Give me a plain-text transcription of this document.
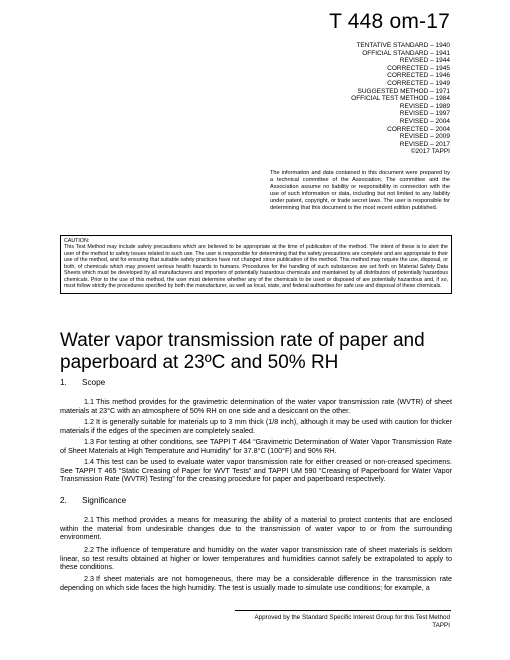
T 448 om-17
TENTATIVE STANDARD – 1940
OFFICIAL STANDARD – 1941
REVISED – 1944
CORRECTED – 1945
CORRECTED – 1946
CORRECTED – 1949
SUGGESTED METHOD – 1971
OFFICIAL TEST METHOD – 1984
REVISED – 1989
REVISED – 1997
REVISED – 2004
CORRECTED – 2004
REVISED – 2009
REVISED – 2017
©2017 TAPPI
The information and data contained in this document were prepared by a technical committee of the Association. The committee and the Association assume no liability or responsibility in connection with the use of such information or data, including but not limited to any liability under patent, copyright, or trade secret laws. The user is responsible for determining that this document is the most recent edition published.
CAUTION:
This Test Method may include safety precautions which are believed to be appropriate at the time of publication of the method. The intent of these is to alert the user of the method to safety issues related to such use. The user is responsible for determining that the safety precautions are complete and are appropriate to their use of the method, and for ensuring that suitable safety practices have not changed since publication of the method. This method may require the use, disposal, or both, of chemicals which may present serious health hazards to humans. Procedures for the handling of such substances are set forth on Material Safety Data Sheets which must be developed by all manufacturers and importers of potentially hazardous chemicals and maintained by all distributors of potentially hazardous chemicals. Prior to the use of this method, the user must determine whether any of the chemicals to be used or disposed of are potentially hazardous and, if so, must follow strictly the procedures specified by both the manufacturer, as well as local, state, and federal authorities for safe use and disposal of these chemicals.
Water vapor transmission rate of paper and paperboard at 23ºC and 50% RH
1. Scope
1.1 This method provides for the gravimetric determination of the water vapor transmission rate (WVTR) of sheet materials at 23°C with an atmosphere of 50% RH on one side and a desiccant on the other.
1.2 It is generally suitable for materials up to 3 mm thick (1/8 inch), although it may be used with caution for thicker materials if the edges of the specimen are completely sealed.
1.3 For testing at other conditions, see TAPPI T 464 “Gravimetric Determination of Water Vapor Transmission Rate of Sheet Materials at High Temperature and Humidity” for 37.8°C (100°F) and 90% RH.
1.4 This test can be used to evaluate water vapor transmission rate for either creased or non-creased specimens. See TAPPI T 465 “Static Creasing of Paper for WVT Tests” and TAPPI UM 590 “Creasing of Paperboard for Water Vapor Transmission Rate (WVTR) Testing” for the creasing procedure for paper and paperboard respectively.
2. Significance
2.1 This method provides a means for measuring the ability of a material to protect contents that are enclosed within the material from undesirable changes due to the transmission of water vapor to or from the surrounding environment.
2.2 The influence of temperature and humidity on the water vapor transmission rate of sheet materials is seldom linear, so test results obtained at higher or lower temperatures and humidities cannot safely be extrapolated to apply to these conditions.
2.3 If sheet materials are not homogeneous, there may be a considerable difference in the transmission rate depending on which side faces the high humidity. The test is usually made to simulate use conditions; for example, a
Approved by the Standard Specific Interest Group for this Test Method
TAPPI
